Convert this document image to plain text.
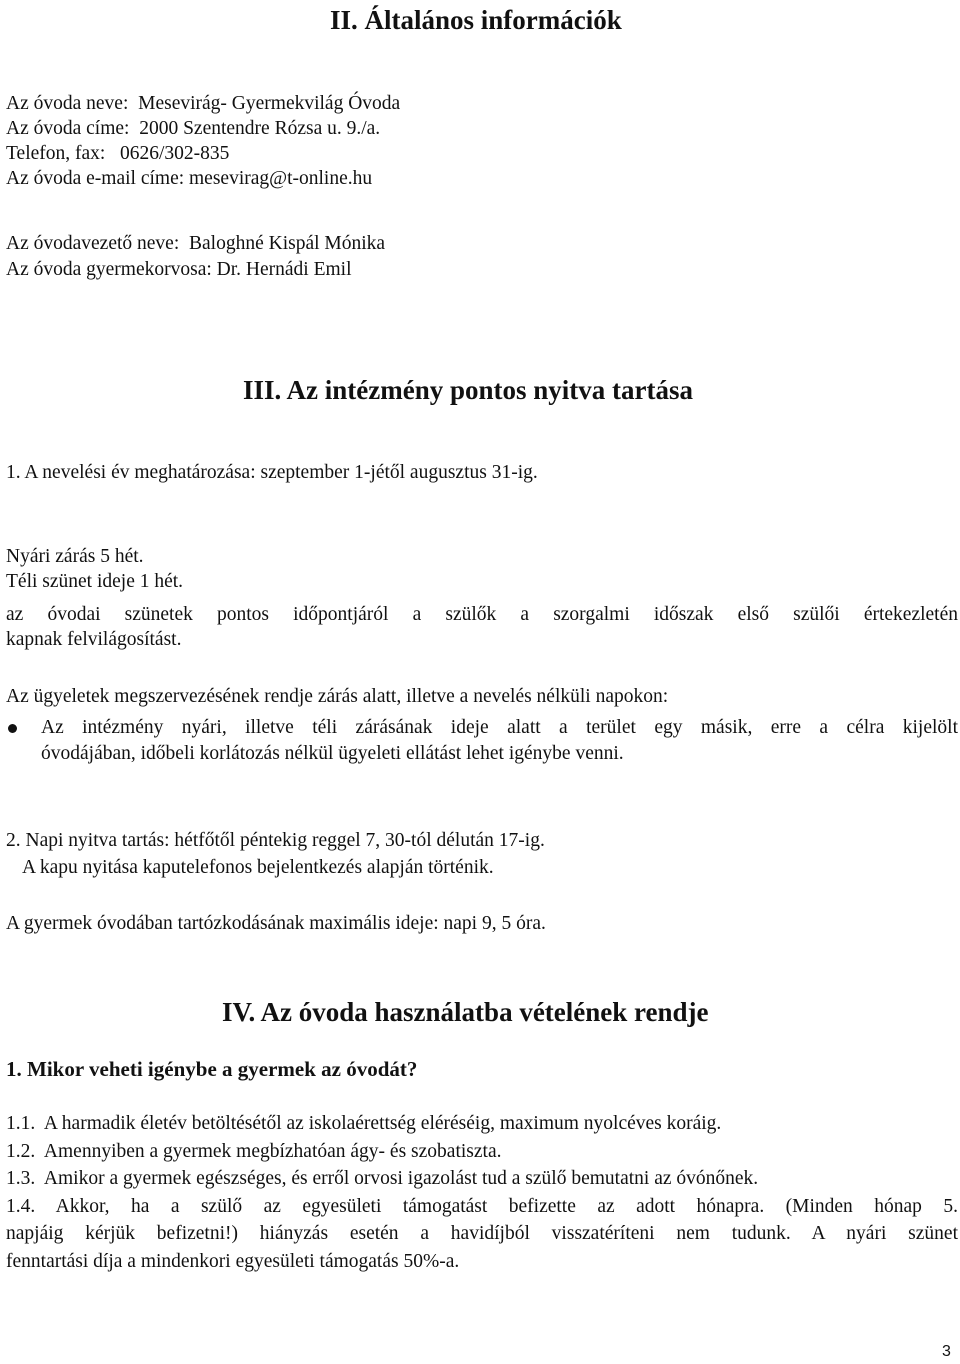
II. Általános információk
Az óvoda neve:  Mesevirág- Gyermekvilág Óvoda
Az óvoda címe:  2000 Szentendre Rózsa u. 9./a.
Telefon, fax:   0626/302-835
Az óvoda e-mail címe: mesevirag@t-online.hu
Az óvodavezető neve:  Baloghné Kispál Mónika
Az óvoda gyermekorvosa: Dr. Hernádi Emil
III. Az intézmény pontos nyitva tartása
1. A nevelési év meghatározása: szeptember 1-jétől augusztus 31-ig.
Nyári zárás 5 hét.
Téli szünet ideje 1 hét.
az óvodai szünetek pontos időpontjáról a szülők a szorgalmi időszak első szülői értekezletén
kapnak felvilágosítást.
Az ügyeletek megszervezésének rendje zárás alatt, illetve a nevelés nélküli napokon:
Az intézmény nyári, illetve téli zárásának ideje alatt a terület egy másik, erre a célra kijelölt
óvodájában, időbeli korlátozás nélkül ügyeleti ellátást lehet igénybe venni.
2. Napi nyitva tartás: hétfőtől péntekig reggel 7, 30-tól délután 17-ig.
A kapu nyitása kaputelefonos bejelentkezés alapján történik.
A gyermek óvodában tartózkodásának maximális ideje: napi 9, 5 óra.
IV. Az óvoda használatba vételének rendje
1. Mikor veheti igénybe a gyermek az óvodát?
1.1.  A harmadik életév betöltésétől az iskolaérettség eléréséig, maximum nyolcéves koráig.
1.2.  Amennyiben a gyermek megbízhatóan ágy- és szobatiszta.
1.3.  Amikor a gyermek egészséges, és erről orvosi igazolást tud a szülő bemutatni az óvónőnek.
1.4. Akkor, ha a szülő az egyesületi támogatást befizette az adott hónapra. (Minden hónap 5.
napjáig kérjük befizetni!) hiányzás esetén a havidíjból visszatéríteni nem tudunk. A nyári szünet
fenntartási díja a mindenkori egyesületi támogatás 50%-a.
3
